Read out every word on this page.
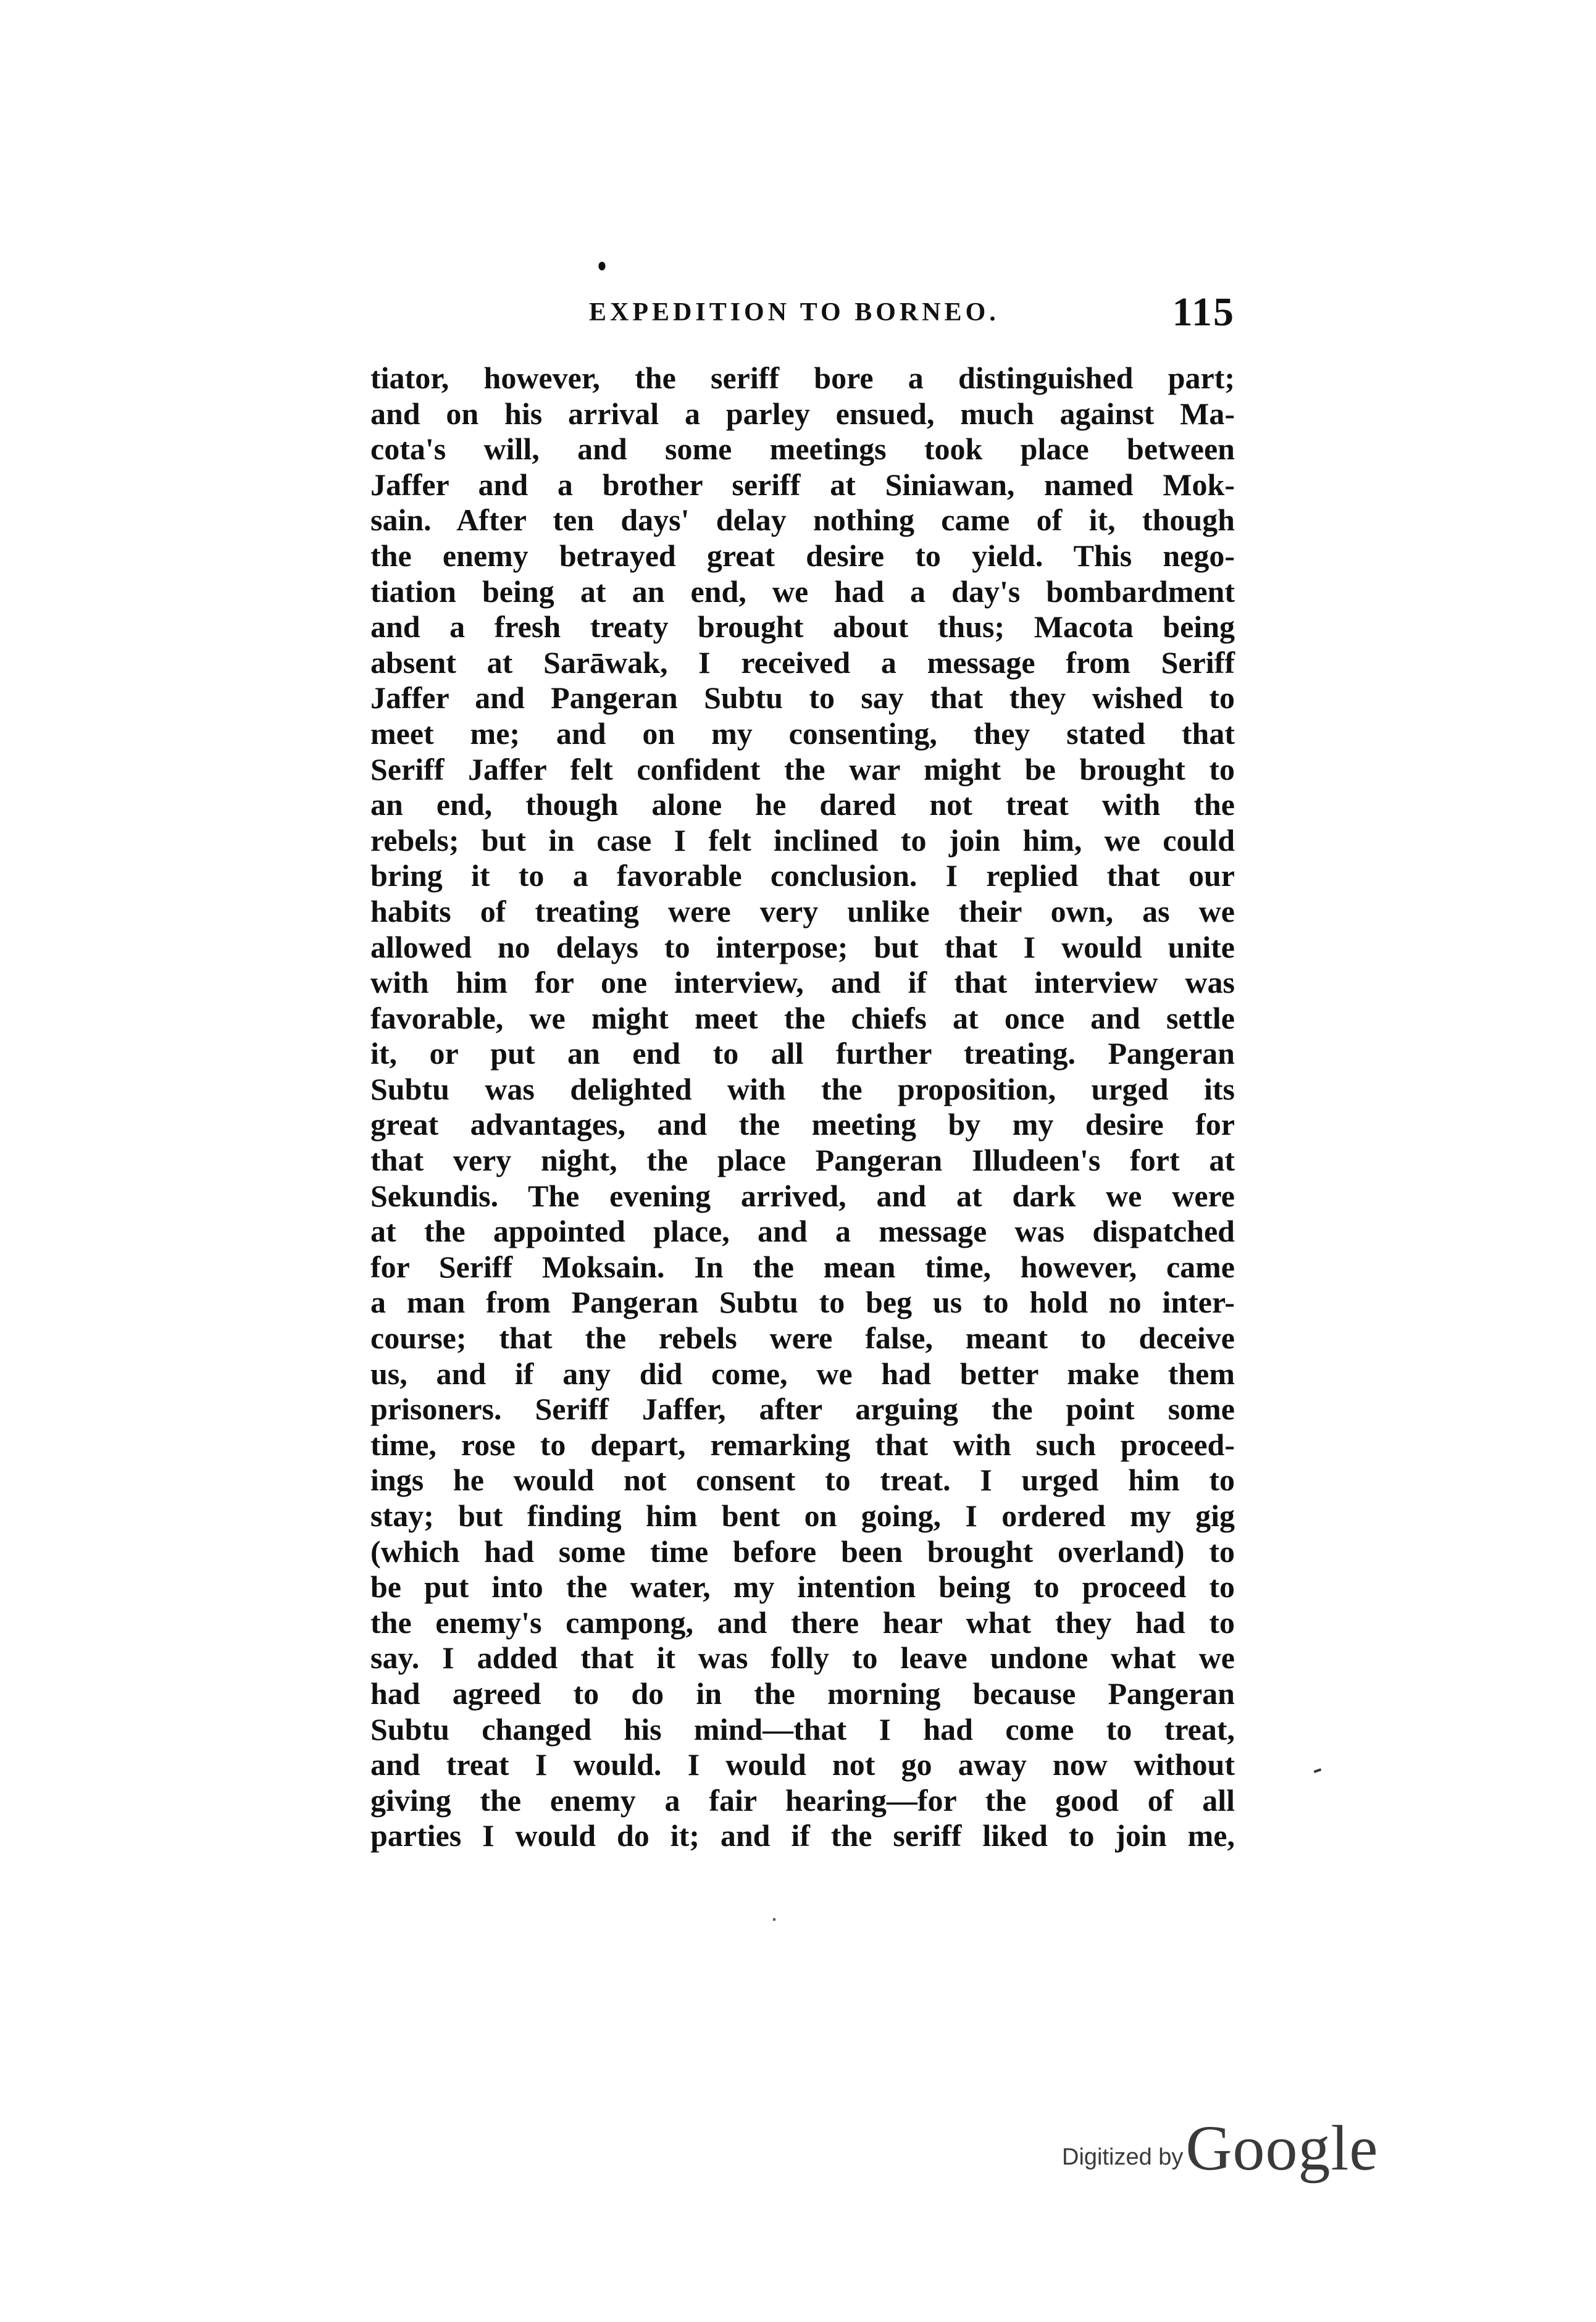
EXPEDITION TO BORNEO.	115
tiator, however, the seriff bore a distinguished part;
and on his arrival a parley ensued, much against Ma-
cota's will, and some meetings took place between
Jaffer and a brother seriff at Siniawan, named Mok-
sain. After ten days' delay nothing came of it, though
the enemy betrayed great desire to yield. This nego-
tiation being at an end, we had a day's bombardment
and a fresh treaty brought about thus; Macota being
absent at Sarāwak, I received a message from Seriff
Jaffer and Pangeran Subtu to say that they wished to
meet me; and on my consenting, they stated that
Seriff Jaffer felt confident the war might be brought to
an end, though alone he dared not treat with the
rebels; but in case I felt inclined to join him, we could
bring it to a favorable conclusion. I replied that our
habits of treating were very unlike their own, as we
allowed no delays to interpose; but that I would unite
with him for one interview, and if that interview was
favorable, we might meet the chiefs at once and settle
it, or put an end to all further treating. Pangeran
Subtu was delighted with the proposition, urged its
great advantages, and the meeting by my desire for
that very night, the place Pangeran Illudeen's fort at
Sekundis. The evening arrived, and at dark we were
at the appointed place, and a message was dispatched
for Seriff Moksain. In the mean time, however, came
a man from Pangeran Subtu to beg us to hold no inter-
course; that the rebels were false, meant to deceive
us, and if any did come, we had better make them
prisoners. Seriff Jaffer, after arguing the point some
time, rose to depart, remarking that with such proceed-
ings he would not consent to treat. I urged him to
stay; but finding him bent on going, I ordered my gig
(which had some time before been brought overland) to
be put into the water, my intention being to proceed to
the enemy's campong, and there hear what they had to
say. I added that it was folly to leave undone what we
had agreed to do in the morning because Pangeran
Subtu changed his mind—that I had come to treat,
and treat I would. I would not go away now without
giving the enemy a fair hearing—for the good of all
parties I would do it; and if the seriff liked to join me,
Digitized by Google
